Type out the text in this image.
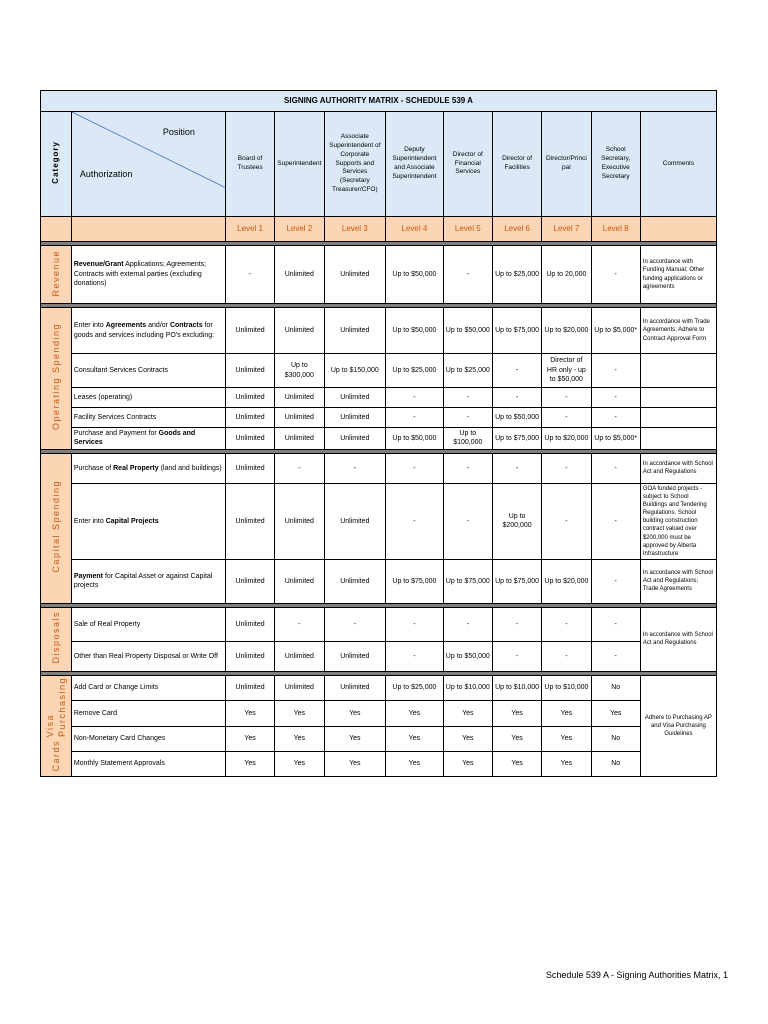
SIGNING AUTHORITY MATRIX - SCHEDULE 539 A										
Category	Position
Authorization	Board of Trustees	Superintendent	Associate Superintendent of Corporate Supports and Services (Secretary Treasurer/CFO)	Deputy Superintendent and Associate Superintendent	Director of Financial Services	Director of Facilities	Director/Principal	School Secretary, Executive Secretary	Comments
		Level 1	Level 2	Level 3	Level 4	Level 5	Level 6	Level 7	Level 8	

Revenue	Revenue/Grant Applications; Agreements; Contracts with external parties (excluding donations)	-	Unlimited	Unlimited	Up to $50,000	-	Up to $25,000	Up to 20,000	-	In accordance with Funding Manual; Other funding applications or agreements

Operating Spending	Enter into Agreements and/or Contracts for goods and services including PO's excluding:	Unlimited	Unlimited	Unlimited	Up to $50,000	Up to $50,000	Up to $75,000	Up to $20,000	Up to $5,000*	In accordance with Trade Agreements; Adhere to Contract Approval Form
	Consultant Services Contracts	Unlimited	Up to $300,000	Up to $150,000	Up to $25,000	Up to $25,000	-	Director of HR only - up to $50,000	-	
	Leases (operating)	Unlimited	Unlimited	Unlimited	-	-	-	-	-	
	Facility Services Contracts	Unlimited	Unlimited	Unlimited	-	-	Up to $50,000	-	-	
	Purchase and Payment for Goods and Services	Unlimited	Unlimited	Unlimited	Up to $50,000	Up to $100,000	Up to $75,000	Up to $20,000	Up to $5,000*	

Capital Spending	Purchase of Real Property (land and buildings)	Unlimited	-	-	-	-	-	-	-	In accordance with School Act and Regulations
	Enter into Capital Projects	Unlimited	Unlimited	Unlimited	-	-	Up to $200,000	-	-	GOA funded projects - subject to School Buildings and Tendering Regulations. School building construction contract valued over $200,000 must be approved by Alberta Infrastructure
	Payment for Capital Asset or against Capital projects	Unlimited	Unlimited	Unlimited	Up to $75,000	Up to $75,000	Up to $75,000	Up to $20,000	-	In accordance with School Act and Regulations; Trade Agreements

Disposals	Sale of Real Property	Unlimited	-	-	-	-	-	-	-	In accordance with School Act and Regulations
	Other than Real Property Disposal or Write Off	Unlimited	Unlimited	Unlimited	-	Up to $50,000	-	-	-	

Visa PurchasingCards	Add Card or Change Limits	Unlimited	Unlimited	Unlimited	Up to $25,000	Up to $10,000	Up to $10,000	Up to $10,000	No	Adhere to Purchasing AP and Visa Purchasing Guidelines
	Remove Card	Yes	Yes	Yes	Yes	Yes	Yes	Yes	Yes	
	Non-Monetary Card Changes	Yes	Yes	Yes	Yes	Yes	Yes	Yes	No	
	Monthly Statement Approvals	Yes	Yes	Yes	Yes	Yes	Yes	Yes	No	
Schedule 539 A - Signing Authorities Matrix, 1
